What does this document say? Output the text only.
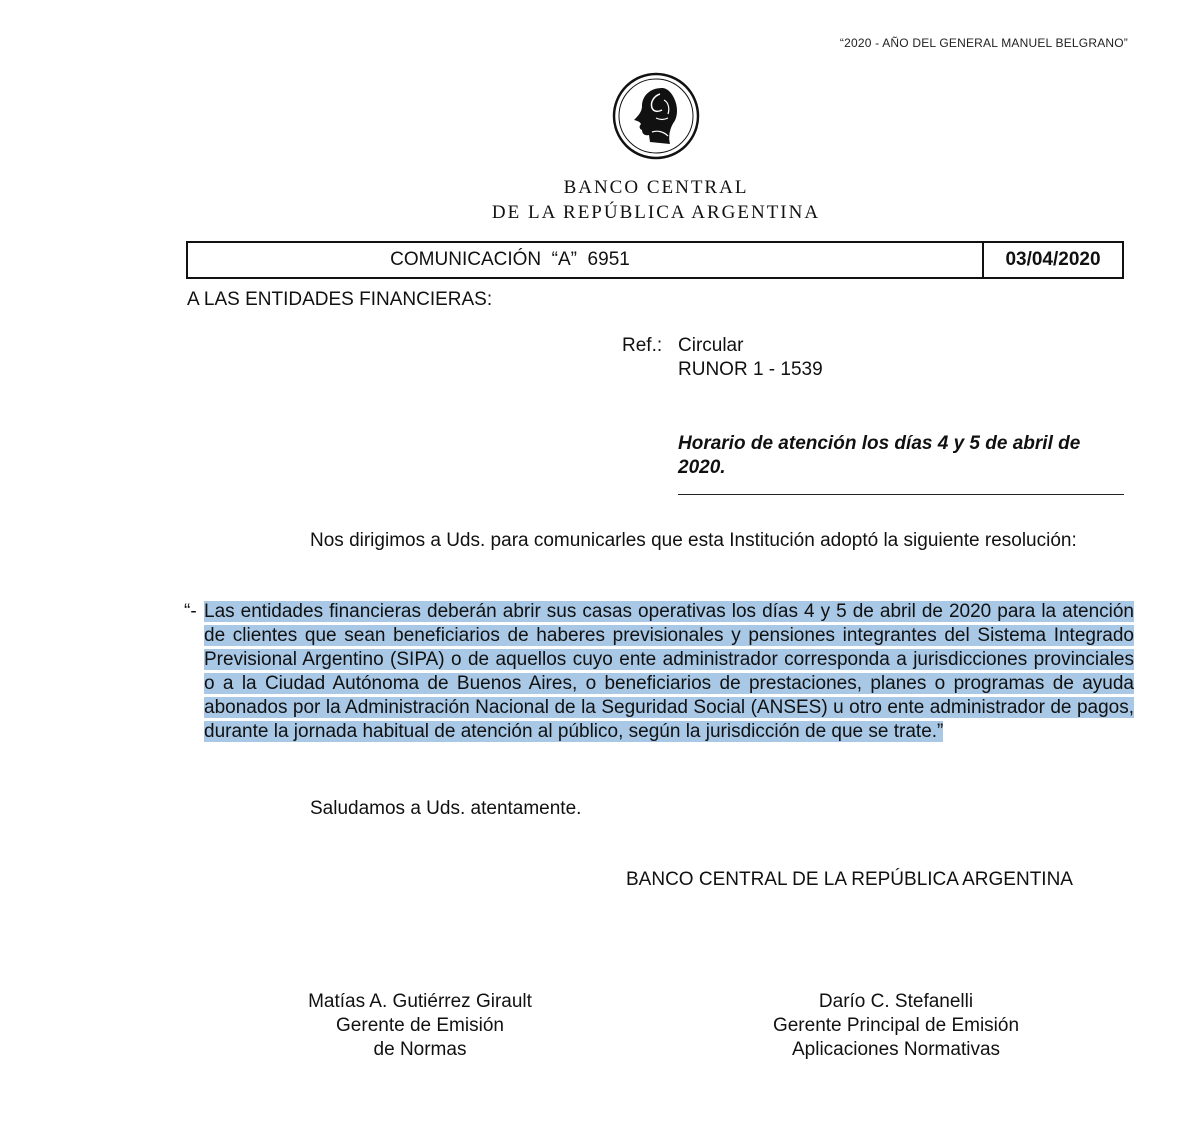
“2020 - AÑO DEL GENERAL MANUEL BELGRANO”
BANCO CENTRAL
DE LA REPÚBLICA ARGENTINA
COMUNICACIÓN  “A”  6951	03/04/2020
A LAS ENTIDADES FINANCIERAS:
Ref.: Circular
RUNOR 1 - 1539
Horario de atención los días 4 y 5 de abril de 2020.
Nos dirigimos a Uds. para comunicarles que esta Institución adoptó la siguiente resolución:
“- Las entidades financieras deberán abrir sus casas operativas los días 4 y 5 de abril de 2020 para la atención de clientes que sean beneficiarios de haberes previsionales y pensiones integrantes del Sistema Integrado Previsional Argentino (SIPA) o de aquellos cuyo ente administrador corresponda a jurisdicciones provinciales o a la Ciudad Autónoma de Buenos Aires, o beneficiarios de prestaciones, planes o programas de ayuda abonados por la Administración Nacional de la Seguridad Social (ANSES) u otro ente administrador de pagos, durante la jornada habitual de atención al público, según la jurisdicción de que se trate.”
Saludamos a Uds. atentamente.
BANCO CENTRAL DE LA REPÚBLICA ARGENTINA
Matías A. Gutiérrez Girault
Gerente de Emisión
de Normas
Darío C. Stefanelli
Gerente Principal de Emisión
Aplicaciones Normativas
